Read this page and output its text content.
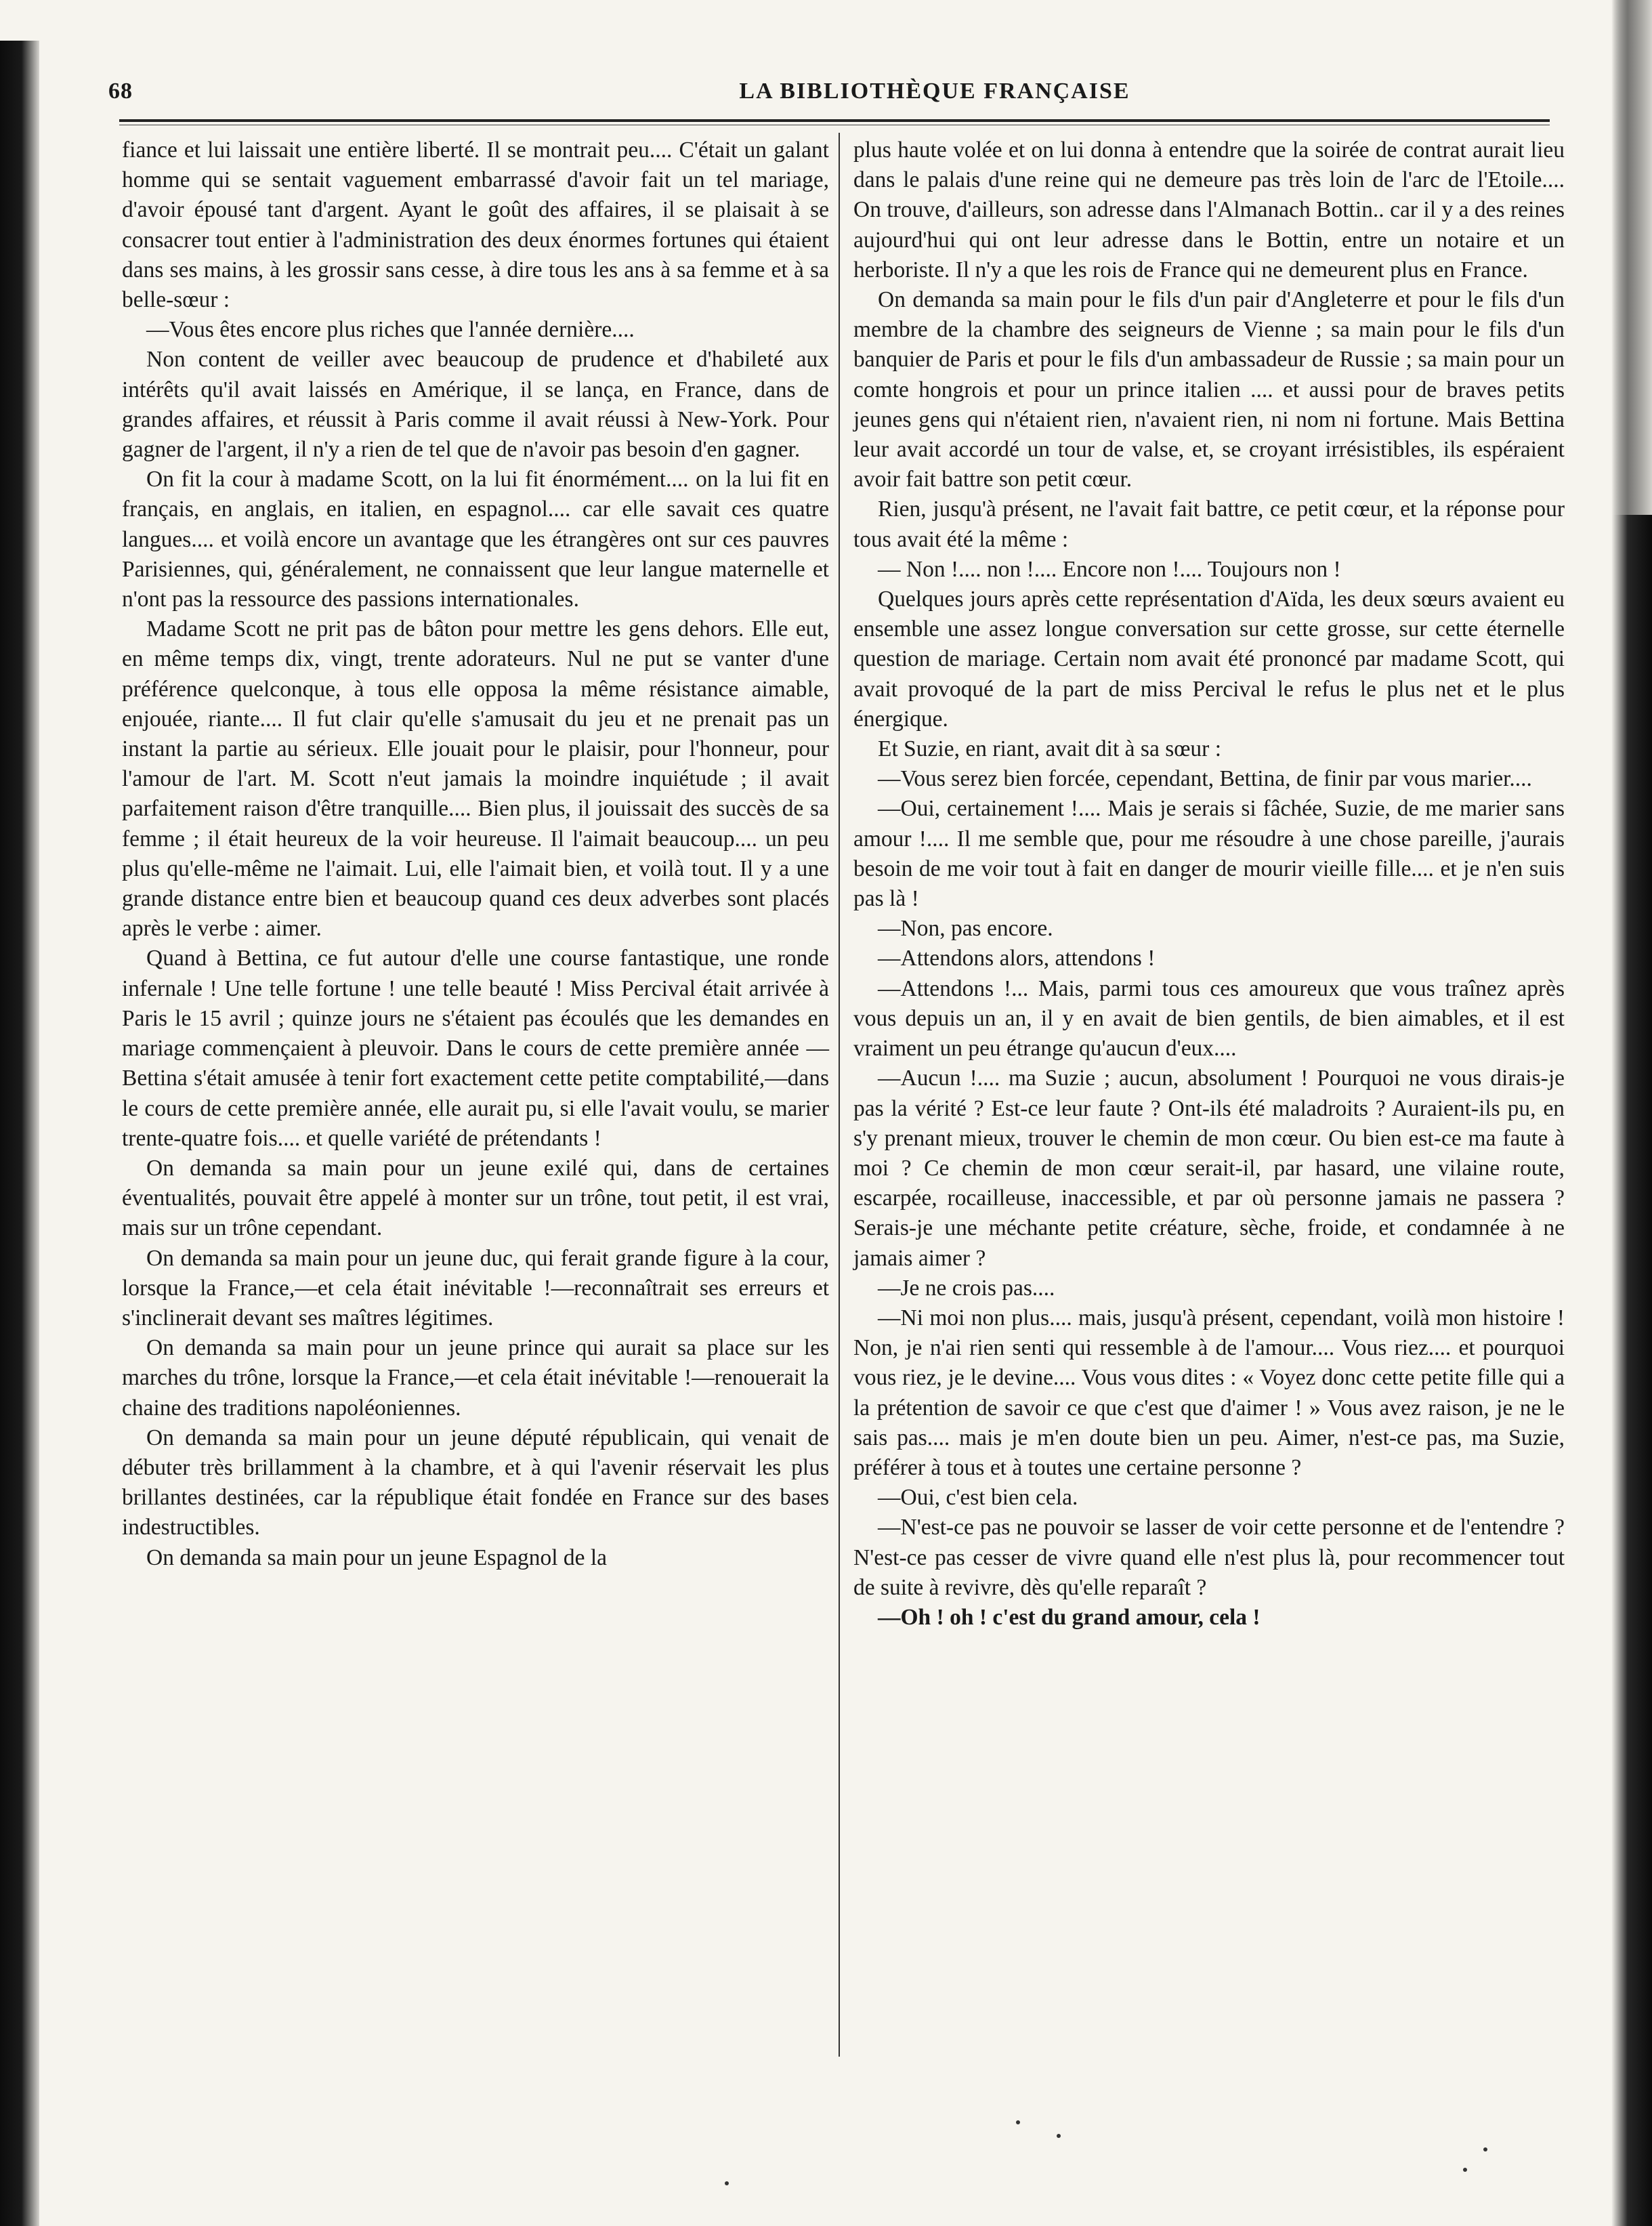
68	LA BIBLIOTHÈQUE FRANÇAISE

fiance et lui laissait une entière liberté. Il se montrait peu.... C'était un galant homme qui se sentait vaguement embarrassé d'avoir fait un tel mariage, d'avoir épousé tant d'argent. Ayant le goût des affaires, il se plaisait à se consacrer tout entier à l'administration des deux énormes fortunes qui étaient dans ses mains, à les grossir sans cesse, à dire tous les ans à sa femme et à sa belle-sœur :

—Vous êtes encore plus riches que l'année dernière....

Non content de veiller avec beaucoup de prudence et d'habileté aux intérêts qu'il avait laissés en Amérique, il se lança, en France, dans de grandes affaires, et réussit à Paris comme il avait réussi à New-York. Pour gagner de l'argent, il n'y a rien de tel que de n'avoir pas besoin d'en gagner.

On fit la cour à madame Scott, on la lui fit énormément.... on la lui fit en français, en anglais, en italien, en espagnol.... car elle savait ces quatre langues.... et voilà encore un avantage que les étrangères ont sur ces pauvres Parisiennes, qui, généralement, ne connaissent que leur langue maternelle et n'ont pas la ressource des passions internationales.

Madame Scott ne prit pas de bâton pour mettre les gens dehors. Elle eut, en même temps dix, vingt, trente adorateurs. Nul ne put se vanter d'une préférence quelconque, à tous elle opposa la même résistance aimable, enjouée, riante.... Il fut clair qu'elle s'amusait du jeu et ne prenait pas un instant la partie au sérieux. Elle jouait pour le plaisir, pour l'honneur, pour l'amour de l'art. M. Scott n'eut jamais la moindre inquiétude ; il avait parfaitement raison d'être tranquille.... Bien plus, il jouissait des succès de sa femme ; il était heureux de la voir heureuse. Il l'aimait beaucoup.... un peu plus qu'elle-même ne l'aimait. Lui, elle l'aimait bien, et voilà tout. Il y a une grande distance entre bien et beaucoup quand ces deux adverbes sont placés après le verbe : aimer.

Quand à Bettina, ce fut autour d'elle une course fantastique, une ronde infernale ! Une telle fortune ! une telle beauté ! Miss Percival était arrivée à Paris le 15 avril ; quinze jours ne s'étaient pas écoulés que les demandes en mariage commençaient à pleuvoir. Dans le cours de cette première année —Bettina s'était amusée à tenir fort exactement cette petite comptabilité,—dans le cours de cette première année, elle aurait pu, si elle l'avait voulu, se marier trente-quatre fois.... et quelle variété de prétendants !

On demanda sa main pour un jeune exilé qui, dans de certaines éventualités, pouvait être appelé à monter sur un trône, tout petit, il est vrai, mais sur un trône cependant.

On demanda sa main pour un jeune duc, qui ferait grande figure à la cour, lorsque la France,—et cela était inévitable !—reconnaîtrait ses erreurs et s'inclinerait devant ses maîtres légitimes.

On demanda sa main pour un jeune prince qui aurait sa place sur les marches du trône, lorsque la France,—et cela était inévitable !—renouerait la chaine des traditions napoléoniennes.

On demanda sa main pour un jeune député républicain, qui venait de débuter très brillamment à la chambre, et à qui l'avenir réservait les plus brillantes destinées, car la république était fondée en France sur des bases indestructibles.

On demanda sa main pour un jeune Espagnol de la

plus haute volée et on lui donna à entendre que la soirée de contrat aurait lieu dans le palais d'une reine qui ne demeure pas très loin de l'arc de l'Etoile.... On trouve, d'ailleurs, son adresse dans l'Almanach Bottin.. car il y a des reines aujourd'hui qui ont leur adresse dans le Bottin, entre un notaire et un herboriste. Il n'y a que les rois de France qui ne demeurent plus en France.

On demanda sa main pour le fils d'un pair d'Angleterre et pour le fils d'un membre de la chambre des seigneurs de Vienne ; sa main pour le fils d'un banquier de Paris et pour le fils d'un ambassadeur de Russie ; sa main pour un comte hongrois et pour un prince italien .... et aussi pour de braves petits jeunes gens qui n'étaient rien, n'avaient rien, ni nom ni fortune. Mais Bettina leur avait accordé un tour de valse, et, se croyant irrésistibles, ils espéraient avoir fait battre son petit cœur.

Rien, jusqu'à présent, ne l'avait fait battre, ce petit cœur, et la réponse pour tous avait été la même :

— Non !.... non !.... Encore non !.... Toujours non !

Quelques jours après cette représentation d'Aïda, les deux sœurs avaient eu ensemble une assez longue conversation sur cette grosse, sur cette éternelle question de mariage. Certain nom avait été prononcé par madame Scott, qui avait provoqué de la part de miss Percival le refus le plus net et le plus énergique.

Et Suzie, en riant, avait dit à sa sœur :

—Vous serez bien forcée, cependant, Bettina, de finir par vous marier....

—Oui, certainement !.... Mais je serais si fâchée, Suzie, de me marier sans amour !.... Il me semble que, pour me résoudre à une chose pareille, j'aurais besoin de me voir tout à fait en danger de mourir vieille fille.... et je n'en suis pas là !

—Non, pas encore.

—Attendons alors, attendons !

—Attendons !... Mais, parmi tous ces amoureux que vous traînez après vous depuis un an, il y en avait de bien gentils, de bien aimables, et il est vraiment un peu étrange qu'aucun d'eux....

—Aucun !.... ma Suzie ; aucun, absolument ! Pourquoi ne vous dirais-je pas la vérité ? Est-ce leur faute ? Ont-ils été maladroits ? Auraient-ils pu, en s'y prenant mieux, trouver le chemin de mon cœur. Ou bien est-ce ma faute à moi ? Ce chemin de mon cœur serait-il, par hasard, une vilaine route, escarpée, rocailleuse, inaccessible, et par où personne jamais ne passera ? Serais-je une méchante petite créature, sèche, froide, et condamnée à ne jamais aimer ?

—Je ne crois pas....

—Ni moi non plus.... mais, jusqu'à présent, cependant, voilà mon histoire ! Non, je n'ai rien senti qui ressemble à de l'amour.... Vous riez.... et pourquoi vous riez, je le devine.... Vous vous dites : « Voyez donc cette petite fille qui a la prétention de savoir ce que c'est que d'aimer ! » Vous avez raison, je ne le sais pas.... mais je m'en doute bien un peu. Aimer, n'est-ce pas, ma Suzie, préférer à tous et à toutes une certaine personne ?

—Oui, c'est bien cela.

—N'est-ce pas ne pouvoir se lasser de voir cette personne et de l'entendre ? N'est-ce pas cesser de vivre quand elle n'est plus là, pour recommencer tout de suite à revivre, dès qu'elle reparaît ?

—Oh ! oh ! c'est du grand amour, cela !
